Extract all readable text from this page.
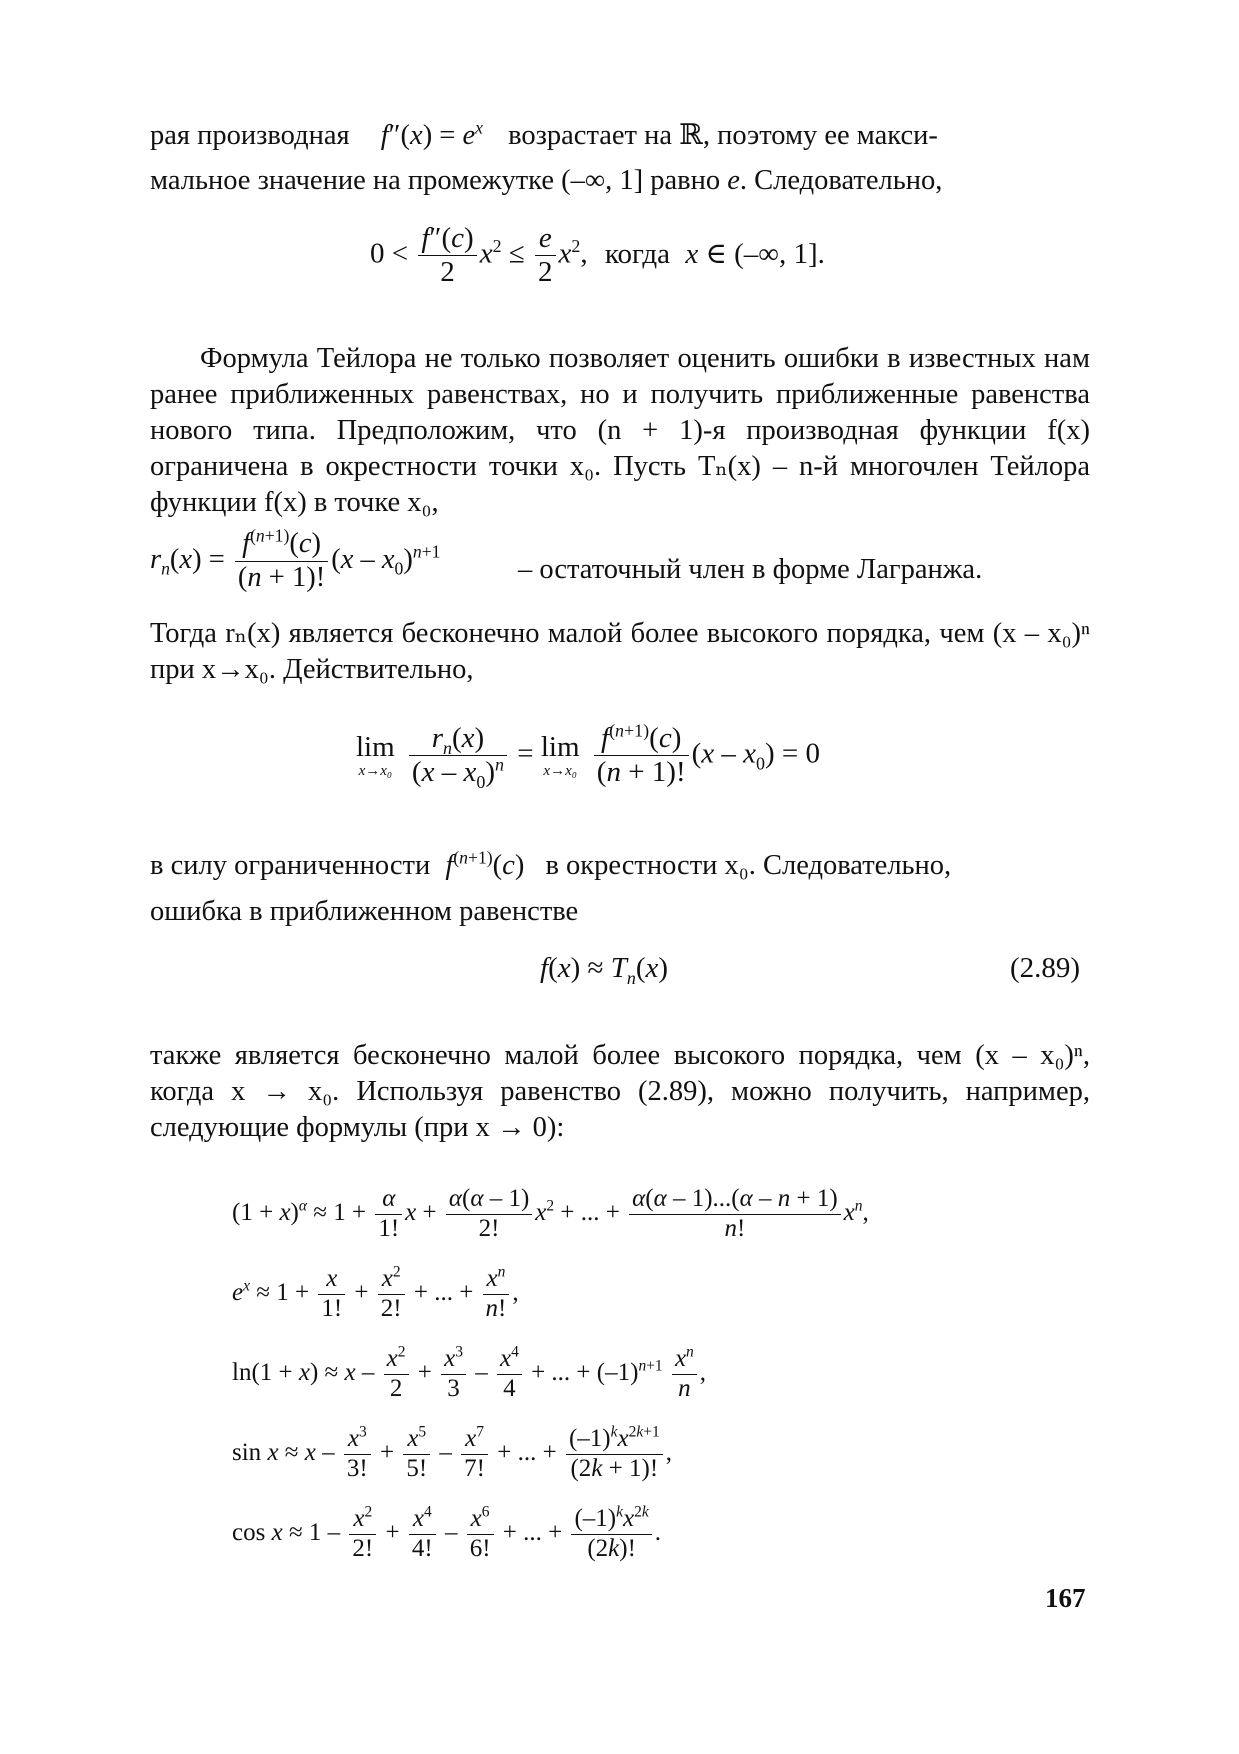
рая производная $f''(x) = e^x$ возрастает на ℝ, поэтому ее макси-
мальное значение на промежутке (–∞, 1] равно e. Следовательно,
$0 < \frac{f''(c)}{2} x^2 \le \frac{e}{2} x^2$, когда x ∈ (–∞, 1].
Формула Тейлора не только позволяет оценить ошибки в известных нам ранее приближенных равенствах, но и получить приближенные равенства нового типа. Предположим, что (n + 1)-я производная функции f(x) ограничена в окрестности точки x₀. Пусть Tₙ(x) – n-й многочлен Тейлора функции f(x) в точке x₀,
$r_n(x) = \frac{f^{(n+1)}(c)}{(n + 1)!} (x - x_0)^{n+1}$
– остаточный член в форме Лагранжа.
Тогда rₙ(x) является бесконечно малой более высокого порядка, чем (x – x₀)ⁿ при x→x₀. Действительно,
lim
x→x₀
$\frac{r_n(x)}{(x - x_0)^n} = \lim$
x→x₀
$\frac{f^{(n+1)}(c)}{(n + 1)!} (x - x_0) = 0$
в силу ограниченности $f^{(n+1)}(c)$ в окрестности x₀. Следовательно,
ошибка в приближенном равенстве
$f(x) \approx T_n(x)$	(2.89)
также является бесконечно малой более высокого порядка, чем (x – x₀)ⁿ, когда x → x₀. Используя равенство (2.89), можно получить, например, следующие формулы (при x → 0):
$(1 + x)^\alpha \approx 1 + \frac{\alpha}{1!}$ $x + \frac{\alpha(\alpha - 1)}{2!} x^2$ + ... + $\frac{\alpha(\alpha - 1)...(\alpha - n + 1)}{n!} x^n$,
$e^x \approx 1 + \frac{x}{1!} + \frac{x^2}{2!}$ + ... + $\frac{x^n}{n!}$ ,
$\ln(1 + x) \approx x - \frac{x^2}{2} + \frac{x^3}{3} - \frac{x^4}{4}$ + ... + $(-1)^{n+1} \frac{x^n}{n}$ ,
$\sin x \approx x - \frac{x^3}{3!} + \frac{x^5}{5!} - \frac{x^7}{7!}$ + ... + $\frac{(-1)^kx^{2k+1}}{(2k + 1)!}$ ,
$\cos x \approx 1 - \frac{x^2}{2!} + \frac{x^4}{4!} - \frac{x^6}{6!}$ + ... + $\frac{(-1)^kx^{2k}}{(2k)!}$ .
167
